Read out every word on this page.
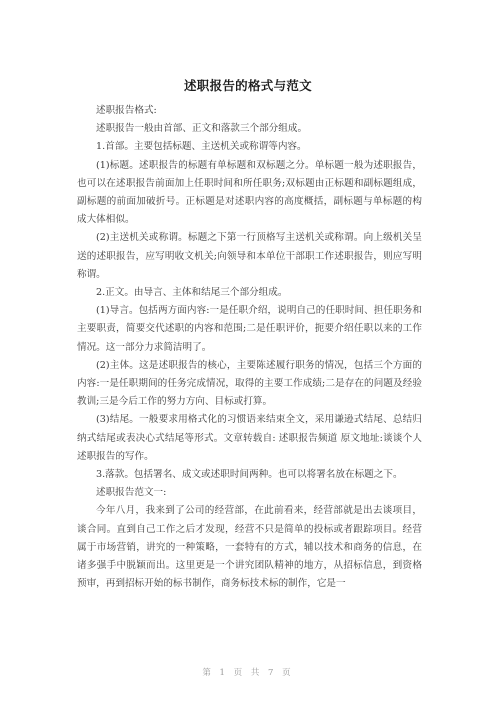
述职报告的格式与范文

述职报告格式:

述职报告一般由首部、正文和落款三个部分组成。

1.首部。主要包括标题、主送机关或称谓等内容。

(1)标题。述职报告的标题有单标题和双标题之分。单标题一般为述职报告，也可以在述职报告前面加上任职时间和所任职务;双标题由正标题和副标题组成，副标题的前面加破折号。正标题是对述职内容的高度概括，副标题与单标题的构成大体相似。

(2)主送机关或称谓。标题之下第一行顶格写主送机关或称谓。向上级机关呈送的述职报告，应写明收文机关;向领导和本单位干部职工作述职报告，则应写明称谓。

2.正文。由导言、主体和结尾三个部分组成。

(1)导言。包括两方面内容:一是任职介绍，说明自己的任职时间、担任职务和主要职责，简要交代述职的内容和范围;二是任职评价，扼要介绍任职以来的工作情况。这一部分力求简洁明了。

(2)主体。这是述职报告的核心，主要陈述履行职务的情况，包括三个方面的内容:一是任职期间的任务完成情况，取得的主要工作成绩;二是存在的问题及经验教训;三是今后工作的努力方向、目标或打算。

(3)结尾。一般要求用格式化的习惯语来结束全文，采用谦逊式结尾、总结归纳式结尾或表决心式结尾等形式。文章转载自: 述职报告频道 原文地址:谈谈个人述职报告的写作。

3.落款。包括署名、成文或述职时间两种。也可以将署名放在标题之下。

述职报告范文一:

今年八月，我来到了公司的经营部，在此前看来，经营部就是出去谈项目，谈合同。直到自己工作之后才发现，经营不只是简单的投标或者跟踪项目。经营属于市场营销，讲究的一种策略，一套特有的方式，辅以技术和商务的信息，在诸多强手中脱颖而出。这里更是一个讲究团队精神的地方，从招标信息，到资格预审，再到招标开始的标书制作，商务标技术标的制作，它是一

第 1 页 共 7 页
